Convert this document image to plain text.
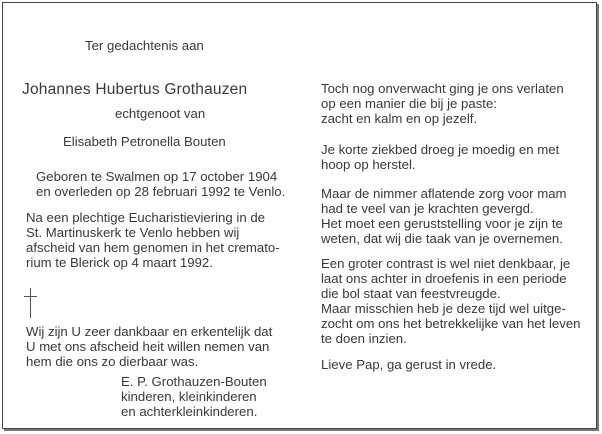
Ter gedachtenis aan
Johannes Hubertus Grothauzen
echtgenoot van
Elisabeth Petronella Bouten
Geboren te Swalmen op 17 october 1904
en overleden op 28 februari 1992 te Venlo.
Na een plechtige Eucharistieviering in de
St. Martinuskerk te Venlo hebben wij
afscheid van hem genomen in het cremato-
rium te Blerick op 4 maart 1992.
Wij zijn U zeer dankbaar en erkentelijk dat
U met ons afscheid heit willen nemen van
hem die ons zo dierbaar was.
E. P. Grothauzen-Bouten
kinderen, kleinkinderen
en achterkleinkinderen.
Toch nog onverwacht ging je ons verlaten
op een manier die bij je paste:
zacht en kalm en op jezelf.
Je korte ziekbed droeg je moedig en met
hoop op herstel.
Maar de nimmer aflatende zorg voor mam
had te veel van je krachten gevergd.
Het moet een geruststelling voor je zijn te
weten, dat wij die taak van je overnemen.
Een groter contrast is wel niet denkbaar, je
laat ons achter in droefenis in een periode
die bol staat van feestvreugde.
Maar misschien heb je deze tijd wel uitge-
zocht om ons het betrekkelijke van het leven
te doen inzien.
Lieve Pap, ga gerust in vrede.
